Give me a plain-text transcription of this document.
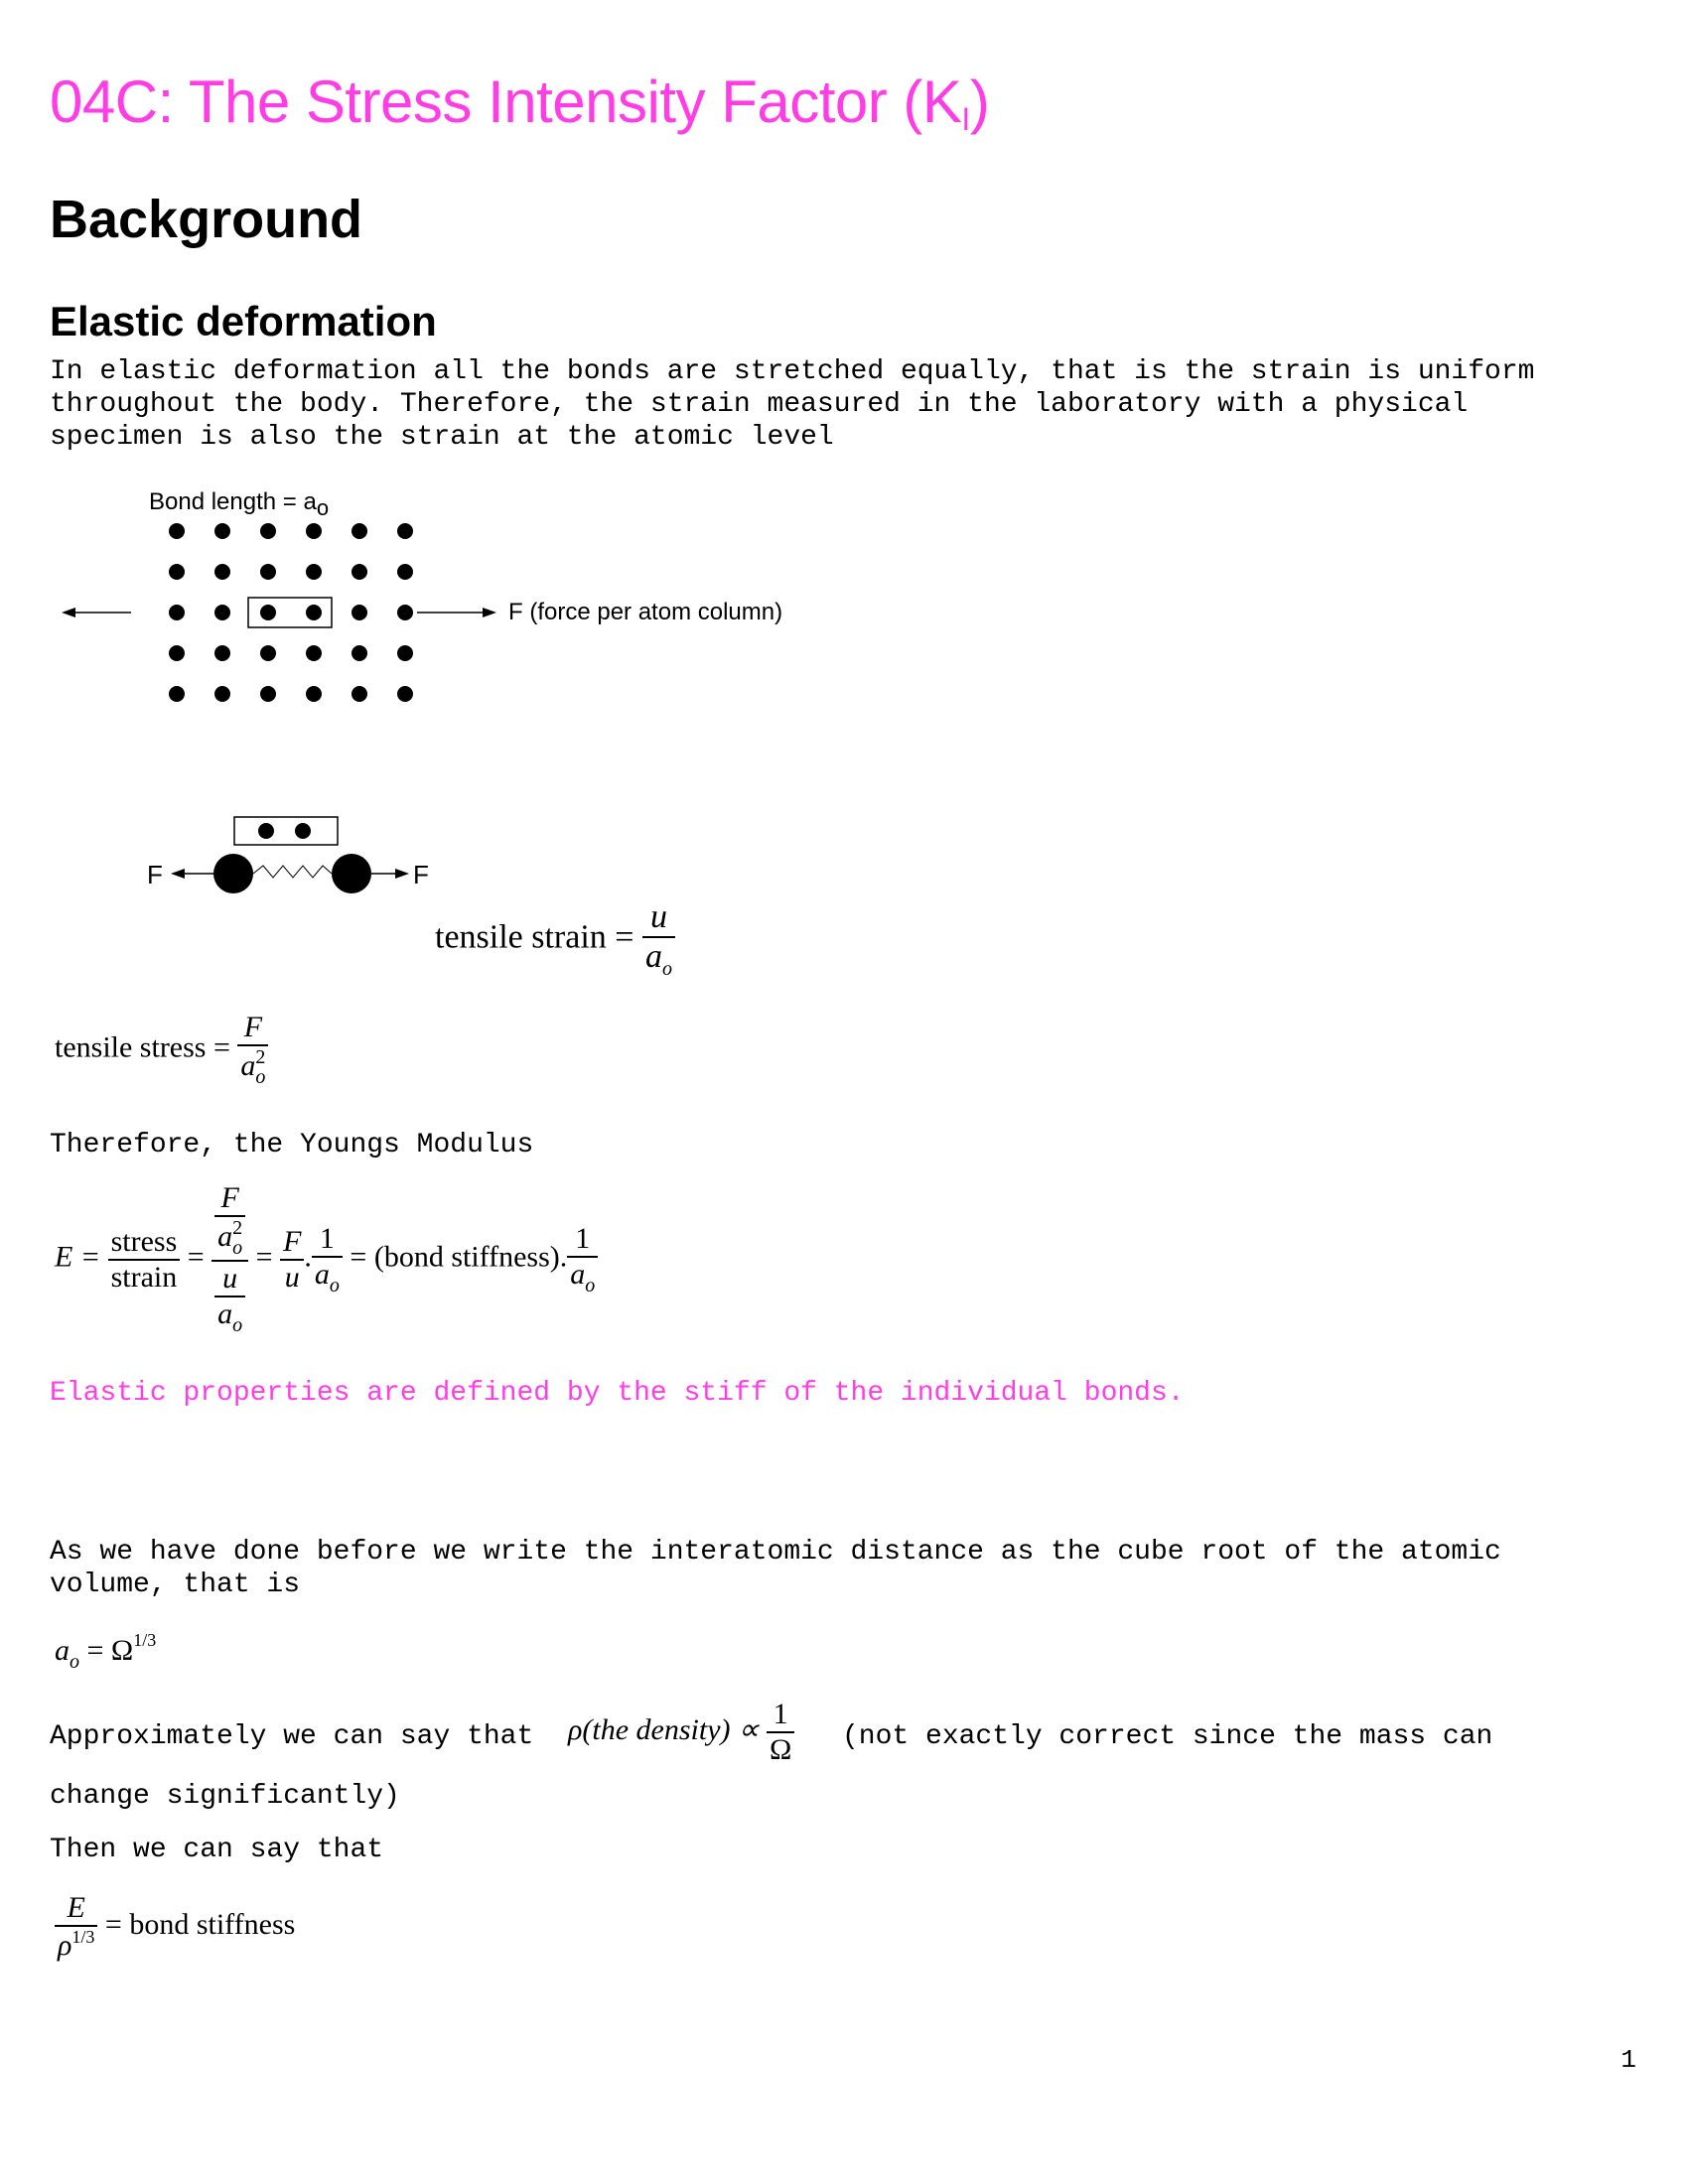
04C: The Stress Intensity Factor $(K_I)$
Background
Elastic deformation
In elastic deformation all the bonds are stretched equally, that is the strain is uniform
throughout the body. Therefore, the strain measured in the laboratory with a physical
specimen is also the strain at the atomic level
Bond length = $a_o$
F (force per atom column)
F	F
tensile strain = $\frac{u}{a_o}$
tensile stress = $\frac{F}{a^2_o}$
Therefore, the Youngs Modulus
$E = \frac{\text{stress}}{\text{strain}} = \frac{\frac{F}{a^2_o}}{\frac{u}{a_o}} = \frac{F}{u}$ . $\frac{1}{a_o}$ = (bond stiffness). $\frac{1}{a_o}$
Elastic properties are defined by the stiff of the individual bonds.
As we have done before we write the interatomic distance as the cube root of the atomic
volume, that is
$a_o = \Omega^{1/3}$
Approximately we can say that ρ(the density) ∝ $\frac{1}{\Omega} (not$ exactly correct since the mass can
change significantly)
Then we can say that
$\frac{E}{\rho^{1/3}}$ = bond stiffness
1
